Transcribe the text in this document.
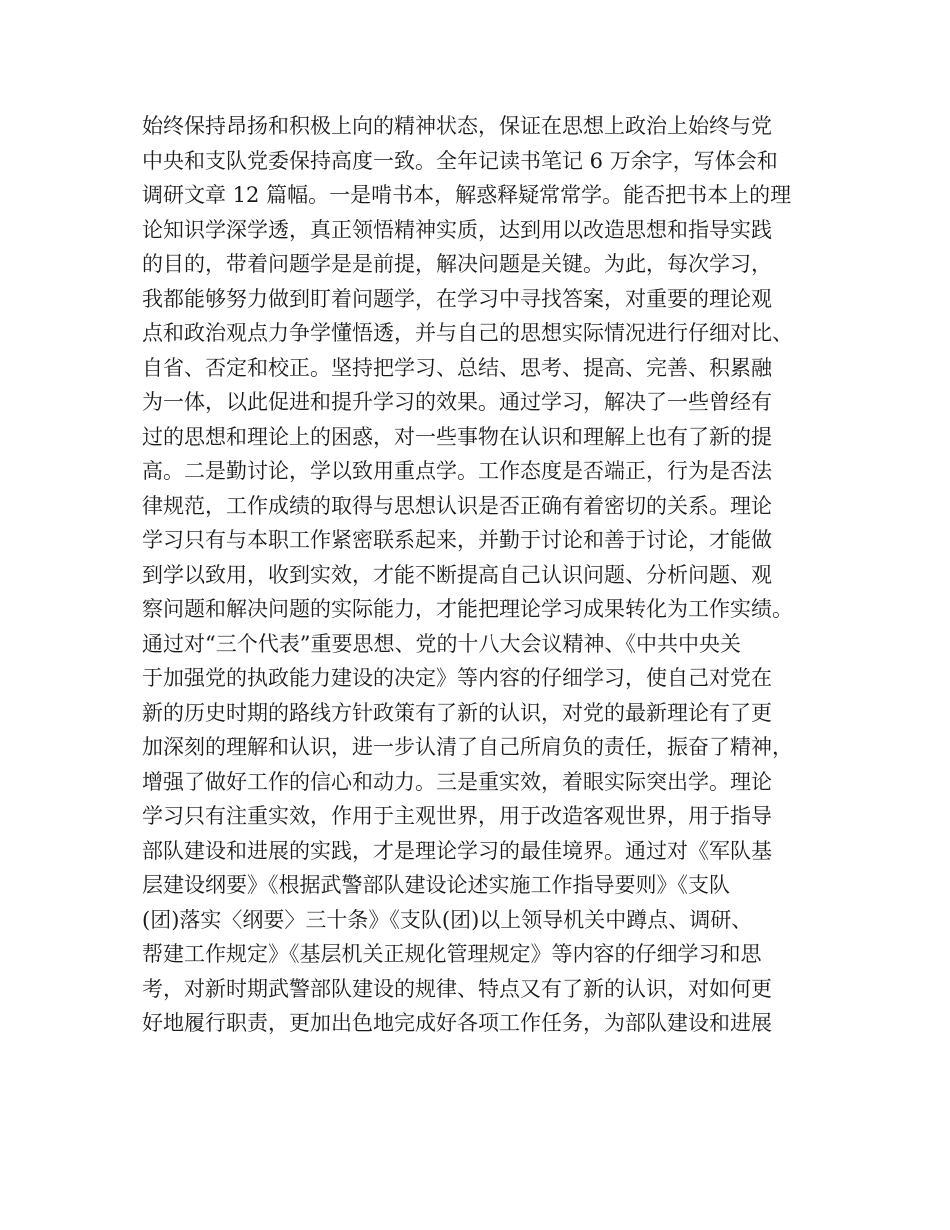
始终保持昂扬和积极上向的精神状态，保证在思想上政治上始终与党
中央和支队党委保持高度一致。全年记读书笔记 6 万余字，写体会和
调研文章 12 篇幅。一是啃书本，解惑释疑常常学。能否把书本上的理
论知识学深学透，真正领悟精神实质，达到用以改造思想和指导实践
的目的，带着问题学是是前提，解决问题是关键。为此，每次学习，
我都能够努力做到盯着问题学，在学习中寻找答案，对重要的理论观
点和政治观点力争学懂悟透，并与自己的思想实际情况进行仔细对比、
自省、否定和校正。坚持把学习、总结、思考、提高、完善、积累融
为一体，以此促进和提升学习的效果。通过学习，解决了一些曾经有
过的思想和理论上的困惑，对一些事物在认识和理解上也有了新的提
高。二是勤讨论，学以致用重点学。工作态度是否端正，行为是否法
律规范，工作成绩的取得与思想认识是否正确有着密切的关系。理论
学习只有与本职工作紧密联系起来，并勤于讨论和善于讨论，才能做
到学以致用，收到实效，才能不断提高自己认识问题、分析问题、观
察问题和解决问题的实际能力，才能把理论学习成果转化为工作实绩。
通过对“三个代表”重要思想、党的十八大会议精神、《中共中央关
于加强党的执政能力建设的决定》等内容的仔细学习，使自己对党在
新的历史时期的路线方针政策有了新的认识，对党的最新理论有了更
加深刻的理解和认识，进一步认清了自己所肩负的责任，振奋了精神，
增强了做好工作的信心和动力。三是重实效，着眼实际突出学。理论
学习只有注重实效，作用于主观世界，用于改造客观世界，用于指导
部队建设和进展的实践，才是理论学习的最佳境界。通过对《军队基
层建设纲要》《根据武警部队建设论述实施工作指导要则》《支队
(团)落实〈纲要〉三十条》《支队(团)以上领导机关中蹲点、调研、
帮建工作规定》《基层机关正规化管理规定》等内容的仔细学习和思
考，对新时期武警部队建设的规律、特点又有了新的认识，对如何更
好地履行职责，更加出色地完成好各项工作任务，为部队建设和进展
